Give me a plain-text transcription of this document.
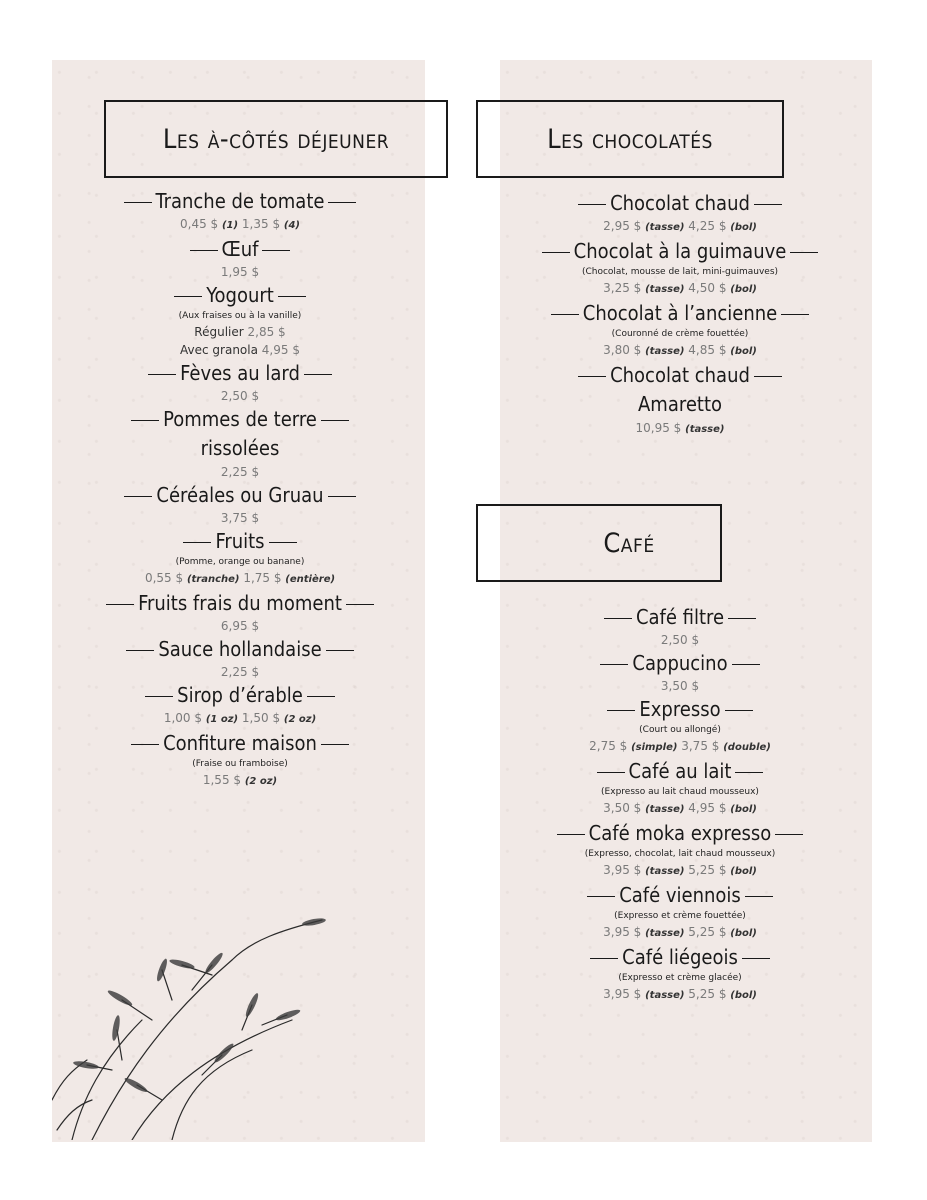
Les à-côtés déjeuner	Les chocolatés
Café
Tranche de tomate
0,45 $ (1) 1,35 $ (4)
Œuf
1,95 $
Yogourt
(Aux fraises ou à la vanille)
Régulier 2,85 $
Avec granola 4,95 $
Fèves au lard
2,50 $
Pommes de terre
rissolées
2,25 $
Céréales ou Gruau
3,75 $
Fruits
(Pomme, orange ou banane)
0,55 $ (tranche) 1,75 $ (entière)
Fruits frais du moment
6,95 $
Sauce hollandaise
2,25 $
Sirop d’érable
1,00 $ (1 oz) 1,50 $ (2 oz)
Confiture maison
(Fraise ou framboise)
1,55 $ (2 oz)
Chocolat chaud
2,95 $ (tasse) 4,25 $ (bol)
Chocolat à la guimauve
(Chocolat, mousse de lait, mini-guimauves)
3,25 $ (tasse) 4,50 $ (bol)
Chocolat à l’ancienne
(Couronné de crème fouettée)
3,80 $ (tasse) 4,85 $ (bol)
Chocolat chaud
Amaretto
10,95 $ (tasse)
Café filtre
2,50 $
Cappucino
3,50 $
Expresso
(Court ou allongé)
2,75 $ (simple) 3,75 $ (double)
Café au lait
(Expresso au lait chaud mousseux)
3,50 $ (tasse) 4,95 $ (bol)
Café moka expresso
(Expresso, chocolat, lait chaud mousseux)
3,95 $ (tasse) 5,25 $ (bol)
Café viennois
(Expresso et crème fouettée)
3,95 $ (tasse) 5,25 $ (bol)
Café liégeois
(Expresso et crème glacée)
3,95 $ (tasse) 5,25 $ (bol)
